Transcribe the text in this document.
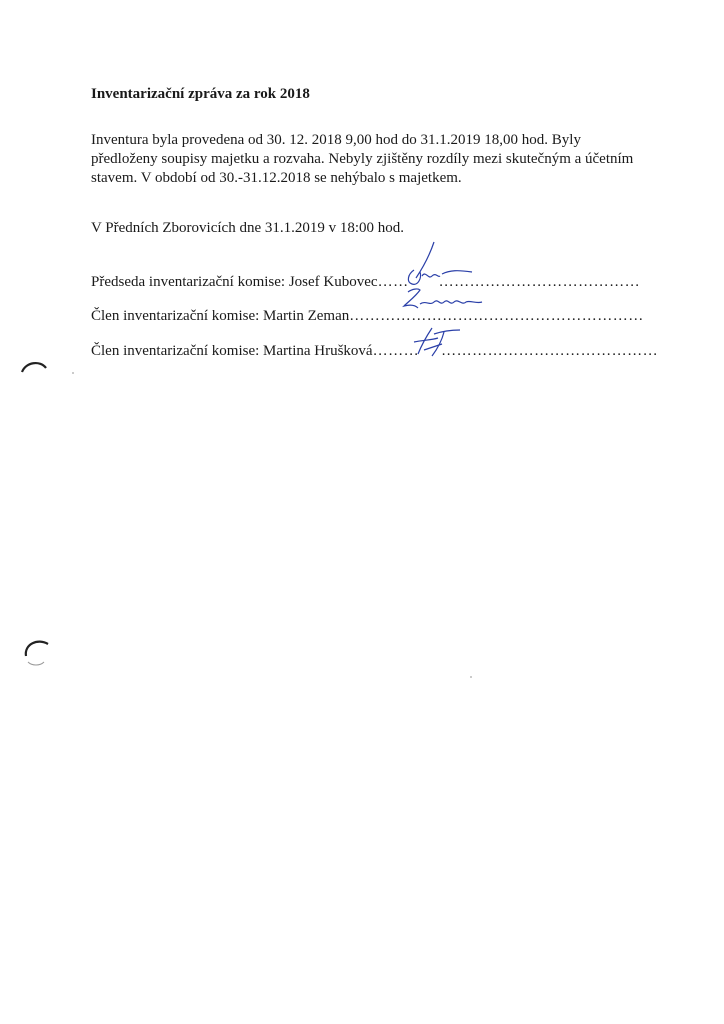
Inventarizační zpráva za rok 2018
Inventura byla provedena od 30. 12. 2018 9,00 hod do 31.1.2019 18,00 hod. Byly
předloženy soupisy majetku a rozvaha. Nebyly zjištěny rozdíly mezi skutečným a účetním
stavem. V období od 30.-31.12.2018 se nehýbalo s majetkem.
V Předních Zborovicích dne 31.1.2019 v 18:00 hod.
Předseda inventarizační komise: Josef Kubovec…… …………………………………
Člen inventarizační komise: Martin Zeman…………………………………………………
Člen inventarizační komise: Martina Hrušková……… ……………………………………
